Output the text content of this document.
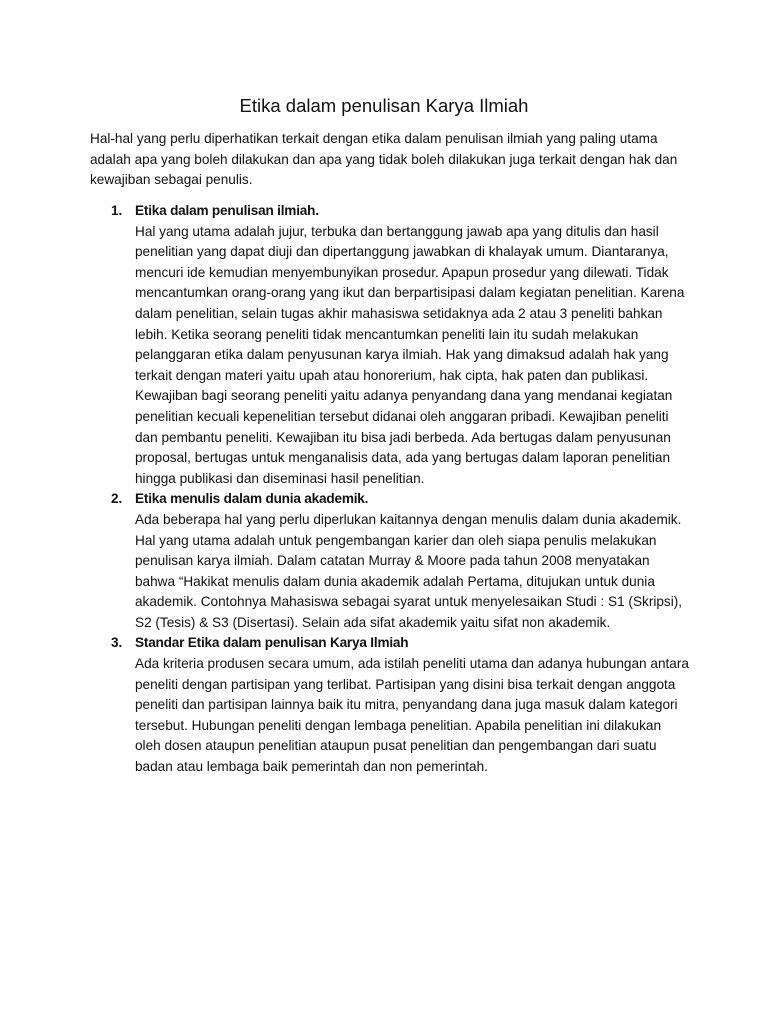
Etika dalam penulisan Karya Ilmiah

Hal-hal yang perlu diperhatikan terkait dengan etika dalam penulisan ilmiah yang paling utama adalah apa yang boleh dilakukan dan apa yang tidak boleh dilakukan juga terkait dengan hak dan kewajiban sebagai penulis.

1. Etika dalam penulisan ilmiah.

Hal yang utama adalah jujur, terbuka dan bertanggung jawab apa yang ditulis dan hasil penelitian yang dapat diuji dan dipertanggung jawabkan di khalayak umum. Diantaranya, mencuri ide kemudian menyembunyikan prosedur. Apapun prosedur yang dilewati. Tidak mencantumkan orang-orang yang ikut dan berpartisipasi dalam kegiatan penelitian. Karena dalam penelitian, selain tugas akhir mahasiswa setidaknya ada 2 atau 3 peneliti bahkan lebih. Ketika seorang peneliti tidak mencantumkan peneliti lain itu sudah melakukan pelanggaran etika dalam penyusunan karya ilmiah. Hak yang dimaksud adalah hak yang terkait dengan materi yaitu upah atau honorerium, hak cipta, hak paten dan publikasi. Kewajiban bagi seorang peneliti yaitu adanya penyandang dana yang mendanai kegiatan penelitian kecuali kepenelitian tersebut didanai oleh anggaran pribadi. Kewajiban peneliti dan pembantu peneliti. Kewajiban itu bisa jadi berbeda. Ada bertugas dalam penyusunan proposal, bertugas untuk menganalisis data, ada yang bertugas dalam laporan penelitian hingga publikasi dan diseminasi hasil penelitian.

2. Etika menulis dalam dunia akademik.

Ada beberapa hal yang perlu diperlukan kaitannya dengan menulis dalam dunia akademik. Hal yang utama adalah untuk pengembangan karier dan oleh siapa penulis melakukan penulisan karya ilmiah. Dalam catatan Murray & Moore pada tahun 2008 menyatakan bahwa “Hakikat menulis dalam dunia akademik adalah Pertama, ditujukan untuk dunia akademik. Contohnya Mahasiswa sebagai syarat untuk menyelesaikan Studi : S1 (Skripsi), S2 (Tesis) & S3 (Disertasi). Selain ada sifat akademik yaitu sifat non akademik.

3. Standar Etika dalam penulisan Karya Ilmiah

Ada kriteria produsen secara umum, ada istilah peneliti utama dan adanya hubungan antara peneliti dengan partisipan yang terlibat. Partisipan yang disini bisa terkait dengan anggota peneliti dan partisipan lainnya baik itu mitra, penyandang dana juga masuk dalam kategori tersebut. Hubungan peneliti dengan lembaga penelitian. Apabila penelitian ini dilakukan oleh dosen ataupun penelitian ataupun pusat penelitian dan pengembangan dari suatu badan atau lembaga baik pemerintah dan non pemerintah.
